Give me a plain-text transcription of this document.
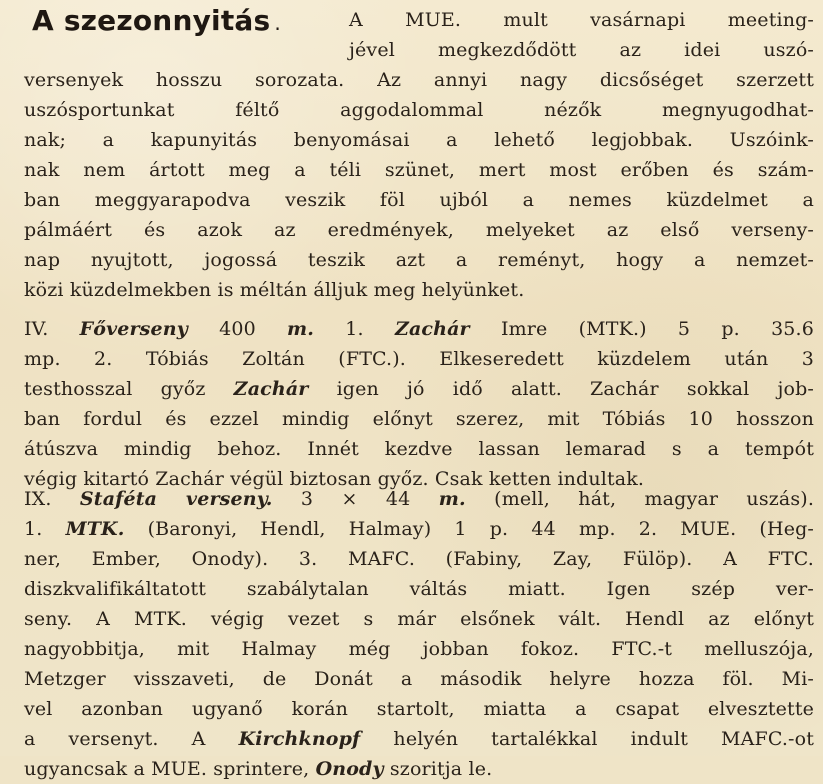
A szezonnyitás .	A MUE. mult vasárnapi meeting-
jével megkezdődött az idei uszó-
versenyek hosszu sorozata. Az annyi nagy dicsőséget szerzett
uszósportunkat féltő aggodalommal nézők megnyugodhat-
nak; a kapunyitás benyomásai a lehető legjobbak. Uszóink-
nak nem ártott meg a téli szünet, mert most erőben és szám-
ban meggyarapodva veszik föl ujból a nemes küzdelmet a
pálmáért és azok az eredmények, melyeket az első verseny-
nap nyujtott, jogossá teszik azt a reményt, hogy a nemzet-
közi küzdelmekben is méltán álljuk meg helyünket.
IV. Főverseny 400 m. 1. Zachár Imre (MTK.) 5 p. 35.6
mp. 2. Tóbiás Zoltán (FTC.). Elkeseredett küzdelem után 3
testhosszal győz Zachár igen jó idő alatt. Zachár sokkal job-
ban fordul és ezzel mindig előnyt szerez, mit Tóbiás 10 hosszon
átúszva mindig behoz. Innét kezdve lassan lemarad s a tempót
végig kitartó Zachár végül biztosan győz. Csak ketten indultak.
IX. Staféta verseny. 3 × 44 m. (mell, hát, magyar uszás).
1. MTK. (Baronyi, Hendl, Halmay) 1 p. 44 mp. 2. MUE. (Heg-
ner, Ember, Onody). 3. MAFC. (Fabiny, Zay, Fülöp). A FTC.
diszkvalifikáltatott szabálytalan váltás miatt. Igen szép ver-
seny. A MTK. végig vezet s már elsőnek vált. Hendl az előnyt
nagyobbitja, mit Halmay még jobban fokoz. FTC.-t melluszója,
Metzger visszaveti, de Donát a második helyre hozza föl. Mi-
vel azonban ugyanő korán startolt, miatta a csapat elvesztette
a versenyt. A Kirchknopf helyén tartalékkal indult MAFC.-ot
ugyancsak a MUE. sprintere, Onody szoritja le.
